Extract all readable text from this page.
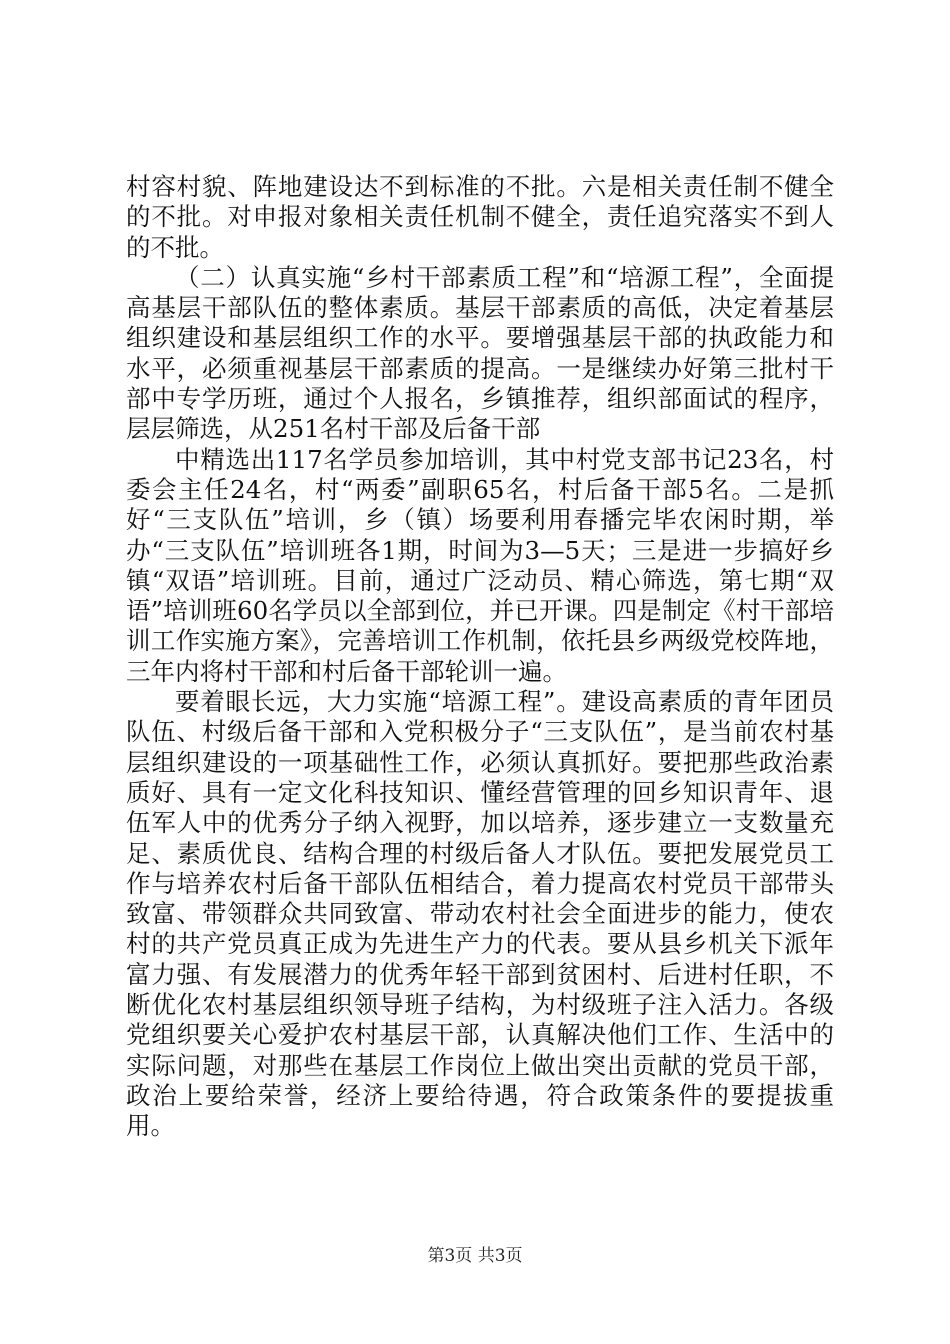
村容村貌、阵地建设达不到标准的不批。六是相关责任制不健全的不批。对申报对象相关责任机制不健全，责任追究落实不到人的不批。

（二）认真实施“乡村干部素质工程”和“培源工程”，全面提高基层干部队伍的整体素质。基层干部素质的高低，决定着基层组织建设和基层组织工作的水平。要增强基层干部的执政能力和水平，必须重视基层干部素质的提高。一是继续办好第三批村干部中专学历班，通过个人报名，乡镇推荐，组织部面试的程序，层层筛选，从251名村干部及后备干部

中精选出117名学员参加培训，其中村党支部书记23名，村委会主任24名，村“两委”副职65名，村后备干部5名。二是抓好“三支队伍”培训，乡（镇）场要利用春播完毕农闲时期，举办“三支队伍”培训班各1期，时间为3—5天；三是进一步搞好乡镇“双语”培训班。目前，通过广泛动员、精心筛选，第七期“双语”培训班60名学员以全部到位，并已开课。四是制定《村干部培训工作实施方案》，完善培训工作机制，依托县乡两级党校阵地，三年内将村干部和村后备干部轮训一遍。

要着眼长远，大力实施“培源工程”。建设高素质的青年团员队伍、村级后备干部和入党积极分子“三支队伍”，是当前农村基层组织建设的一项基础性工作，必须认真抓好。要把那些政治素质好、具有一定文化科技知识、懂经营管理的回乡知识青年、退伍军人中的优秀分子纳入视野，加以培养，逐步建立一支数量充足、素质优良、结构合理的村级后备人才队伍。要把发展党员工作与培养农村后备干部队伍相结合，着力提高农村党员干部带头致富、带领群众共同致富、带动农村社会全面进步的能力，使农村的共产党员真正成为先进生产力的代表。要从县乡机关下派年富力强、有发展潜力的优秀年轻干部到贫困村、后进村任职，不断优化农村基层组织领导班子结构，为村级班子注入活力。各级党组织要关心爱护农村基层干部，认真解决他们工作、生活中的实际问题，对那些在基层工作岗位上做出突出贡献的党员干部，政治上要给荣誉，经济上要给待遇，符合政策条件的要提拔重用。

第3页 共3页
